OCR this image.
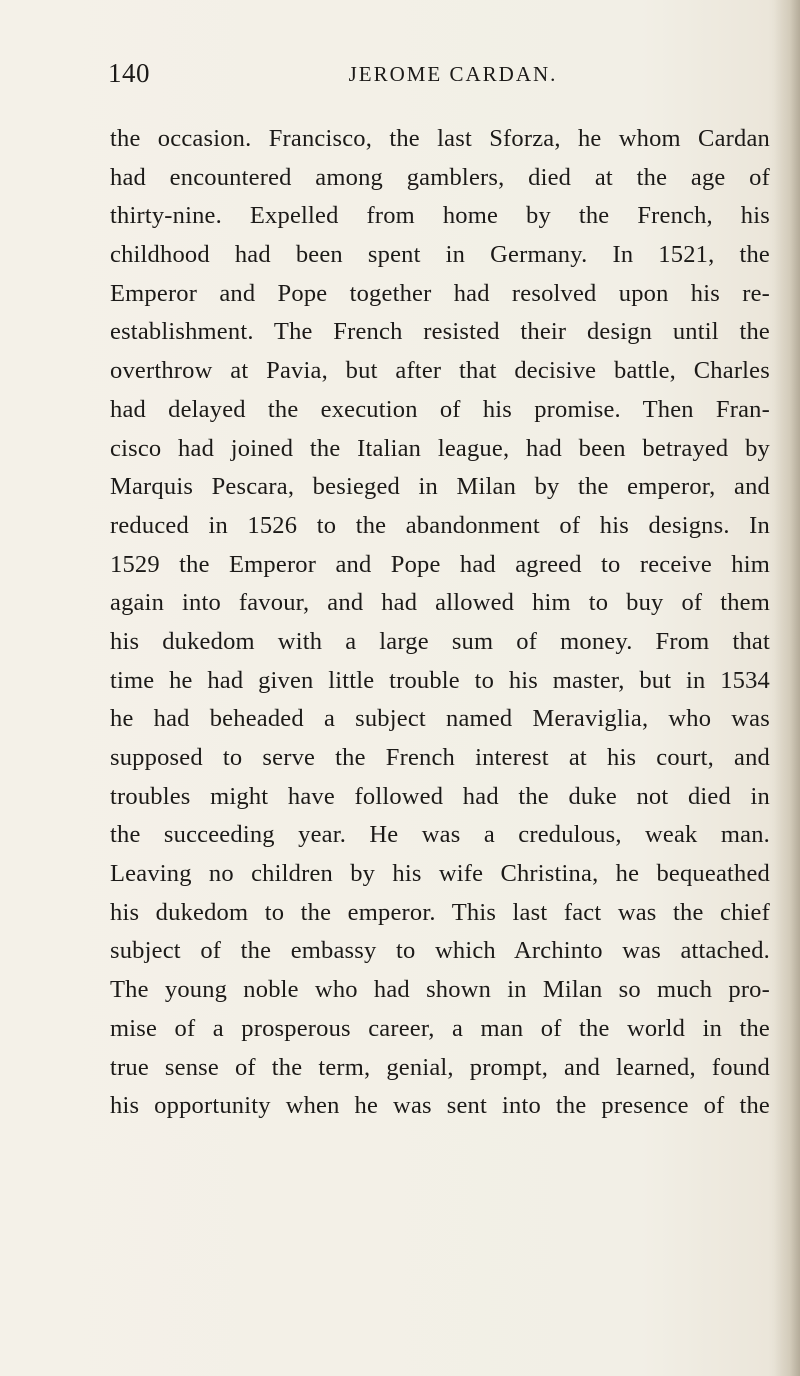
140	JEROME CARDAN.
the occasion. Francisco, the last Sforza, he whom Cardan
had encountered among gamblers, died at the age of
thirty-nine. Expelled from home by the French, his
childhood had been spent in Germany. In 1521, the
Emperor and Pope together had resolved upon his re-
establishment. The French resisted their design until the
overthrow at Pavia, but after that decisive battle, Charles
had delayed the execution of his promise. Then Fran-
cisco had joined the Italian league, had been betrayed by
Marquis Pescara, besieged in Milan by the emperor, and
reduced in 1526 to the abandonment of his designs. In
1529 the Emperor and Pope had agreed to receive him
again into favour, and had allowed him to buy of them
his dukedom with a large sum of money. From that
time he had given little trouble to his master, but in 1534
he had beheaded a subject named Meraviglia, who was
supposed to serve the French interest at his court, and
troubles might have followed had the duke not died in
the succeeding year. He was a credulous, weak man.
Leaving no children by his wife Christina, he bequeathed
his dukedom to the emperor. This last fact was the chief
subject of the embassy to which Archinto was attached.
The young noble who had shown in Milan so much pro-
mise of a prosperous career, a man of the world in the
true sense of the term, genial, prompt, and learned, found
his opportunity when he was sent into the presence of the
